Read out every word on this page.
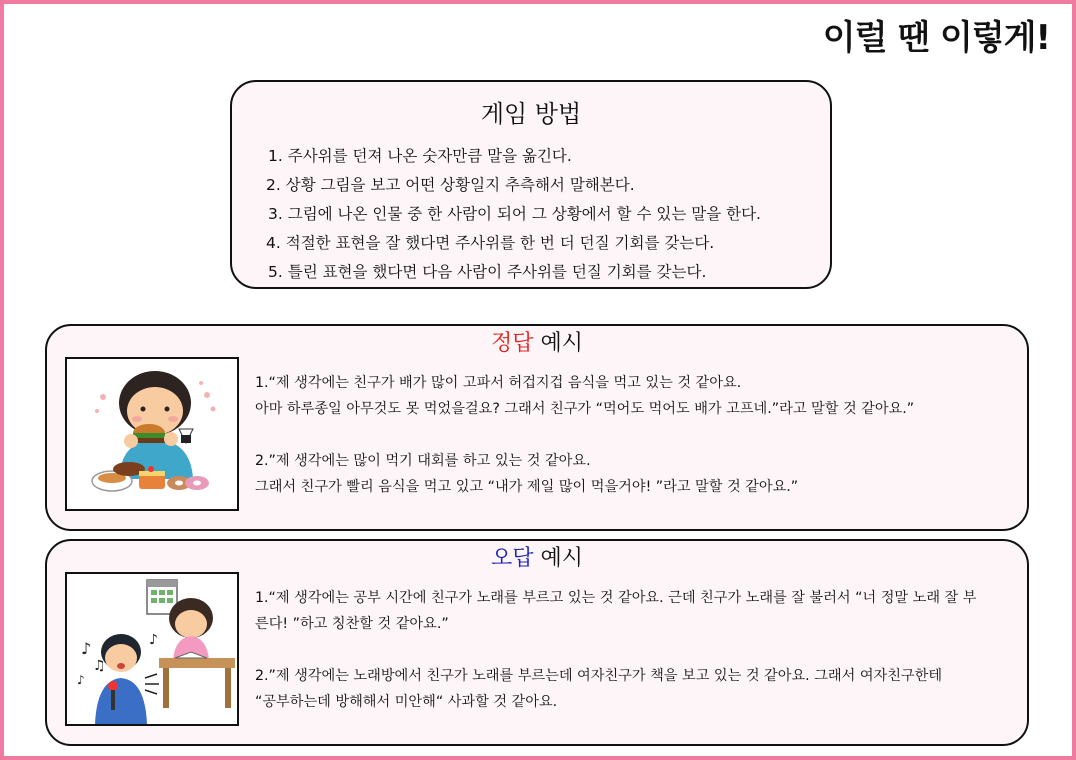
이럴 땐 이렇게!
게임 방법
1. 주사위를 던져 나온 숫자만큼 말을 옮긴다.
2. 상황 그림을 보고 어떤 상황일지 추측해서 말해본다.
3. 그림에 나온 인물 중 한 사람이 되어 그 상황에서 할 수 있는 말을 한다.
4. 적절한 표현을 잘 했다면 주사위를 한 번 더 던질 기회를 갖는다.
5. 틀린 표현을 했다면 다음 사람이 주사위를 던질 기회를 갖는다.
정답 예시

1.“제 생각에는 친구가 배가 많이 고파서 허겁지겁 음식을 먹고 있는 것 같아요.

아마 하루종일 아무것도 못 먹었을걸요? 그래서 친구가 “먹어도 먹어도 배가 고프네.”라고 말할 것 같아요.”

2.”제 생각에는 많이 먹기 대회를 하고 있는 것 같아요.

그래서 친구가 빨리 음식을 먹고 있고 “내가 제일 많이 먹을거야! ”라고 말할 것 같아요.”

오답 예시
♪
♫
♪
♪

1.“제 생각에는 공부 시간에 친구가 노래를 부르고 있는 것 같아요. 근데 친구가 노래를 잘 불러서 “너 정말 노래 잘 부

른다! ”하고 칭찬할 것 같아요.”

2.”제 생각에는 노래방에서 친구가 노래를 부르는데 여자친구가 책을 보고 있는 것 같아요. 그래서 여자친구한테

“공부하는데 방해해서 미안해“ 사과할 것 같아요.
